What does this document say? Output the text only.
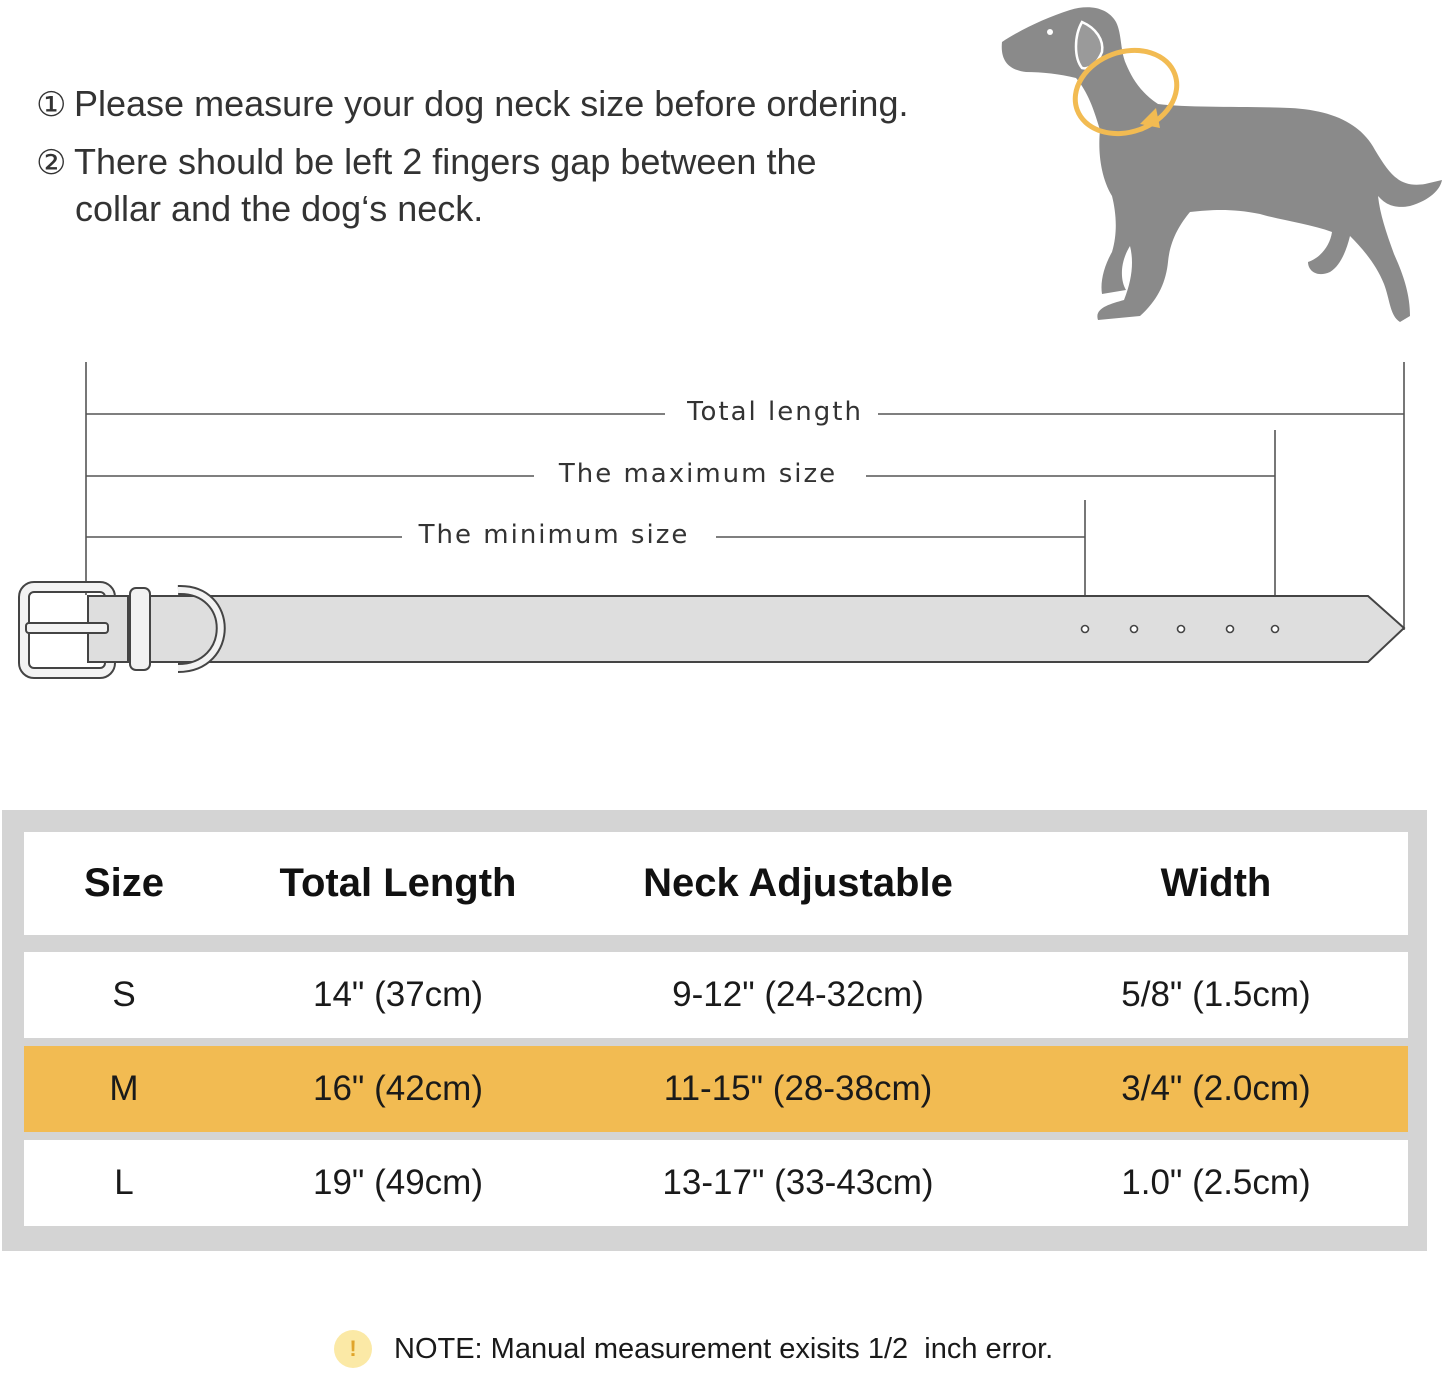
① Please measure your dog neck size before ordering.
② There should be left 2 fingers gap between the
collar and the dog‘s neck.
Total length
The maximum size
The minimum size
Size	Total Length	Neck Adjustable	Width
S	14" (37cm)	9-12" (24-32cm)	5/8" (1.5cm)
M	16" (42cm)	11-15" (28-38cm)	3/4" (2.0cm)
L	19" (49cm)	13-17" (33-43cm)	1.0" (2.5cm)
!	NOTE: Manual measurement exisits 1/2  inch error.
